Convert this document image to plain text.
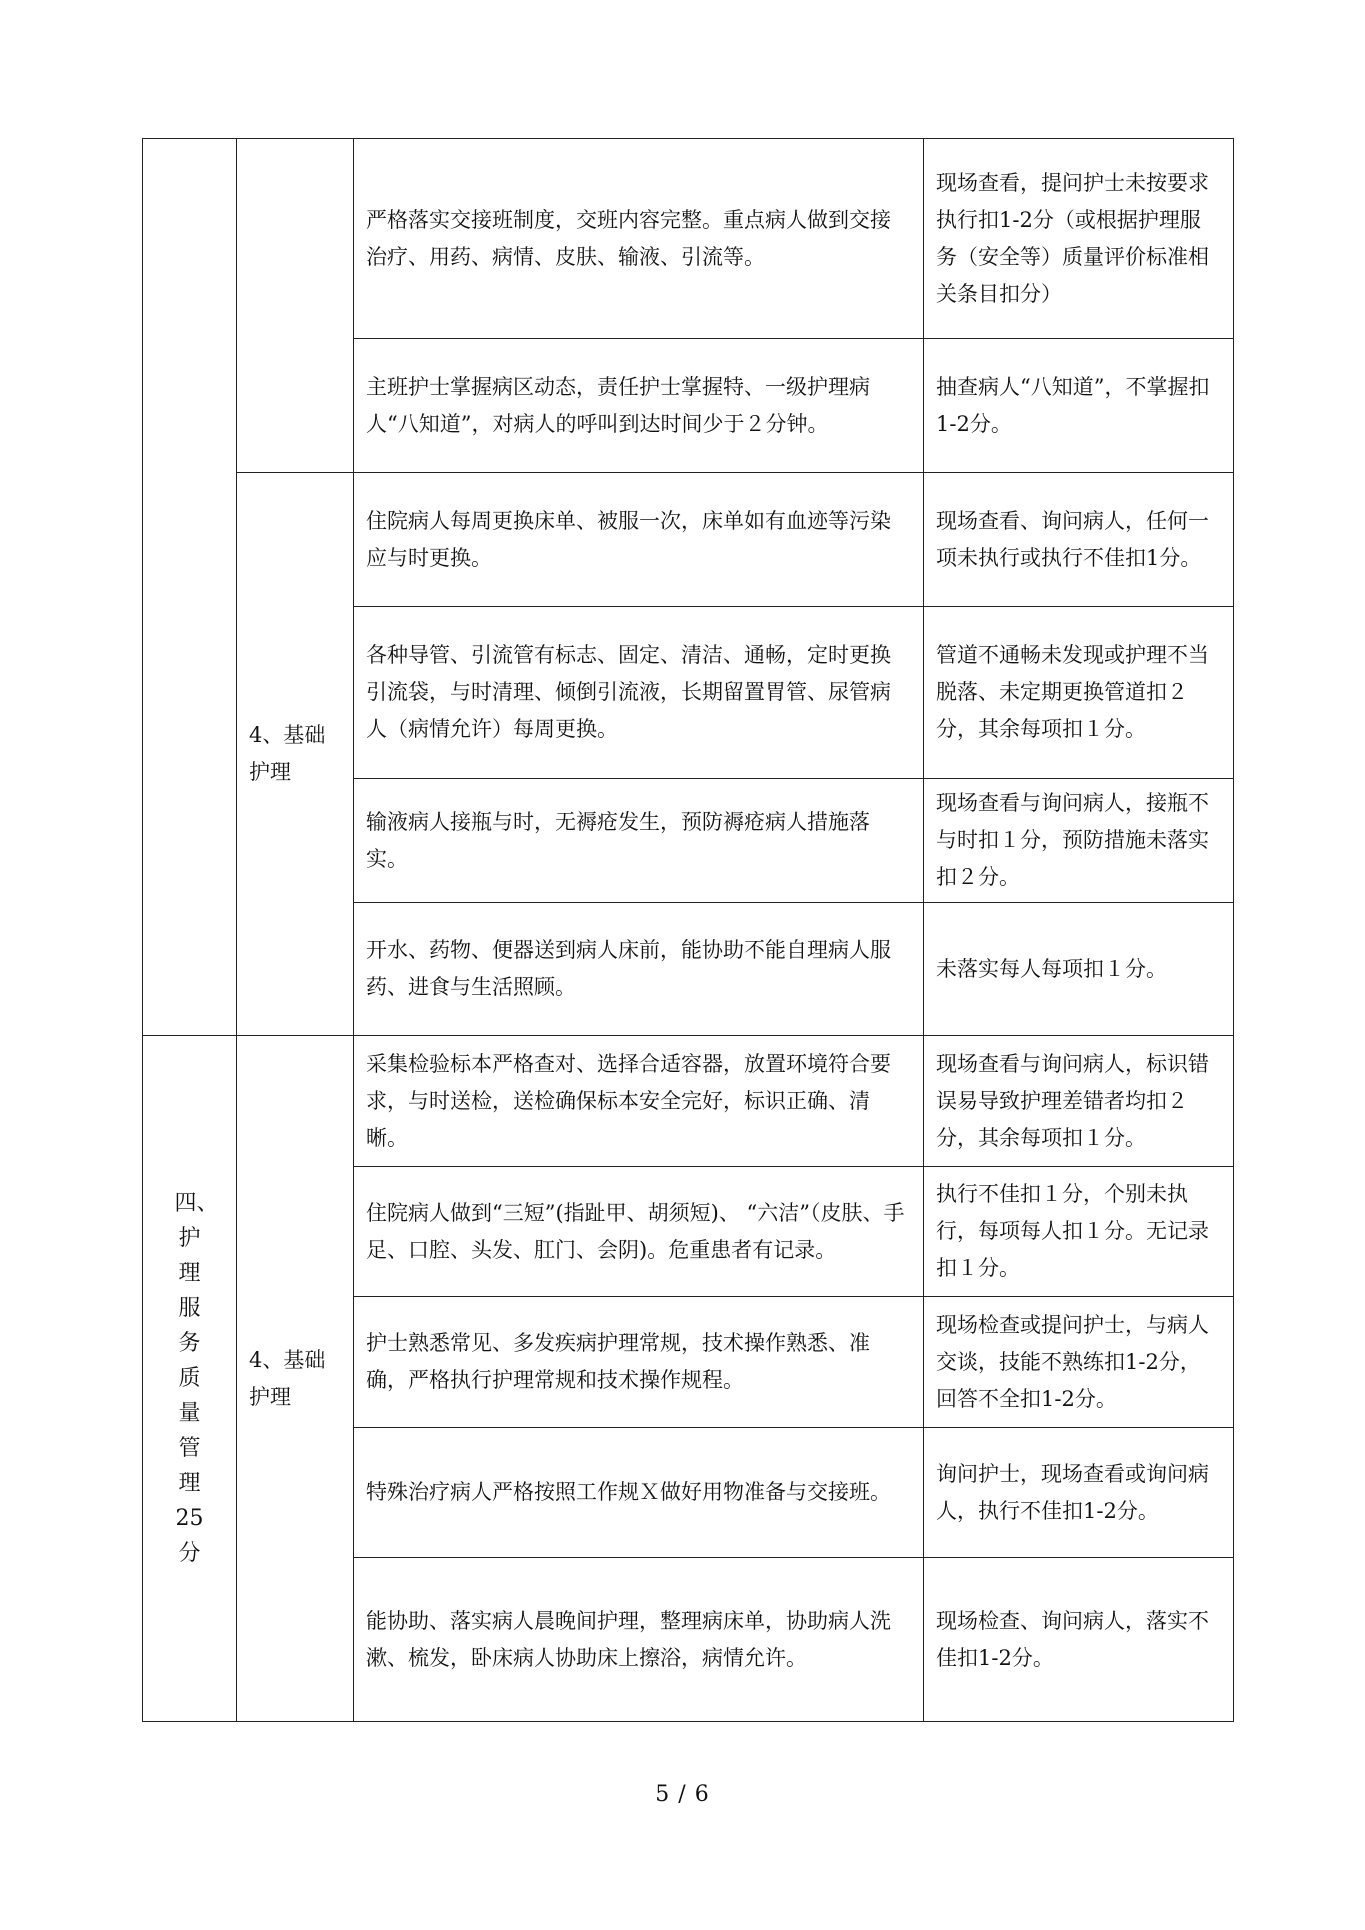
		严格落实交接班制度，交班内容完整。重点病人做到交接治疗、用药、病情、皮肤、输液、引流等。	现场查看，提问护士未按要求执行扣1-2分（或根据护理服务（安全等）质量评价标准相关条目扣分）
		主班护士掌握病区动态，责任护士掌握特、一级护理病人“八知道”，对病人的呼叫到达时间少于２分钟。	抽查病人“八知道”，不掌握扣1-2分。
	4、基础护理	住院病人每周更换床单、被服一次，床单如有血迹等污染应与时更换。	现场查看、询问病人，任何一项未执行或执行不佳扣1分。
		各种导管、引流管有标志、固定、清洁、通畅，定时更换引流袋，与时清理、倾倒引流液，长期留置胃管、尿管病人（病情允许）每周更换。	管道不通畅未发现或护理不当脱落、未定期更换管道扣２分，其余每项扣１分。
		输液病人接瓶与时，无褥疮发生，预防褥疮病人措施落实。	现场查看与询问病人，接瓶不与时扣１分，预防措施未落实扣２分。
		开水、药物、便器送到病人床前，能协助不能自理病人服药、进食与生活照顾。	未落实每人每项扣１分。
四、护理服务质量管理25分	4、基础护理	采集检验标本严格查对、选择合适容器，放置环境符合要求，与时送检，送检确保标本安全完好，标识正确、清晰。	现场查看与询问病人，标识错误易导致护理差错者均扣２分，其余每项扣１分。
		住院病人做到“三短”(指趾甲、胡须短)、 “六洁”（皮肤、手足、口腔、头发、肛门、会阴)。危重患者有记录。	执行不佳扣１分，个别未执行，每项每人扣１分。无记录扣１分。
		护士熟悉常见、多发疾病护理常规，技术操作熟悉、准确，严格执行护理常规和技术操作规程。	现场检查或提问护士，与病人交谈，技能不熟练扣1-2分，回答不全扣1-2分。
		特殊治疗病人严格按照工作规Ｘ做好用物准备与交接班。	询问护士，现场查看或询问病人，执行不佳扣1-2分。
		能协助、落实病人晨晚间护理，整理病床单，协助病人洗漱、梳发，卧床病人协助床上擦浴，病情允许。	现场检查、询问病人，落实不佳扣1-2分。
5 / 6
